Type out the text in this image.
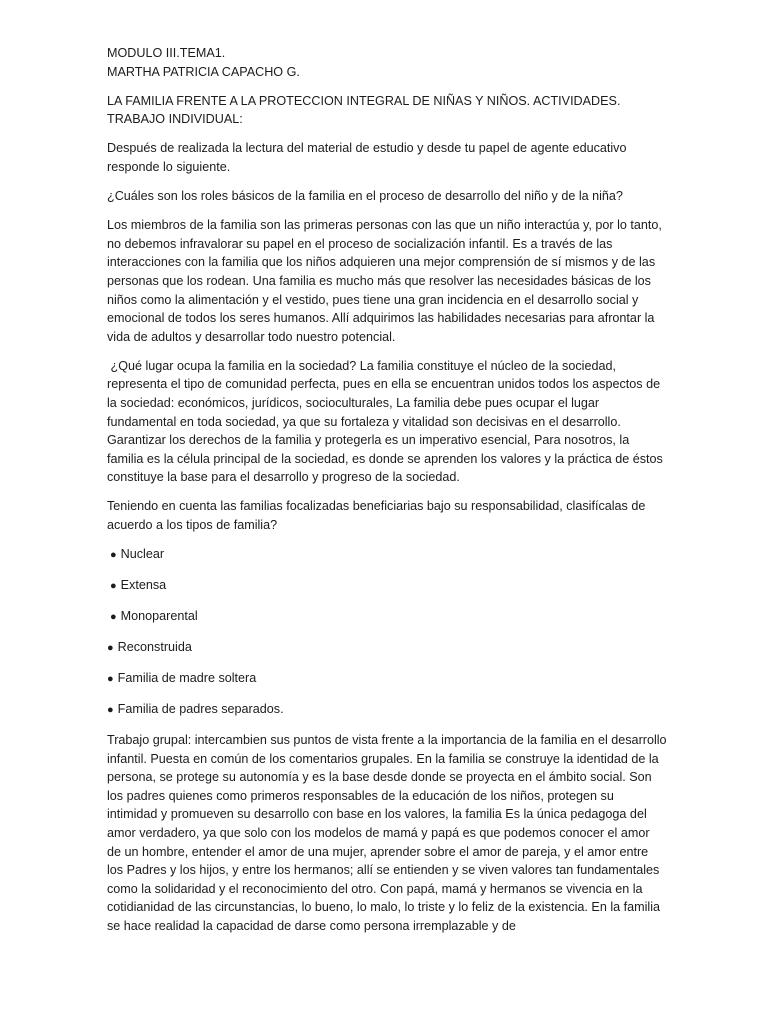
MODULO III.TEMA1.
MARTHA PATRICIA CAPACHO G.

LA FAMILIA FRENTE A LA PROTECCION INTEGRAL DE NIÑAS Y NIÑOS. ACTIVIDADES. TRABAJO INDIVIDUAL:

Después de realizada la lectura del material de estudio y desde tu papel de agente educativo responde lo siguiente.

¿Cuáles son los roles básicos de la familia en el proceso de desarrollo del niño y de la niña?

Los miembros de la familia son las primeras personas con las que un niño interactúa y, por lo tanto, no debemos infravalorar su papel en el proceso de socialización infantil. Es a través de las interacciones con la familia que los niños adquieren una mejor comprensión de sí mismos y de las personas que los rodean. Una familia es mucho más que resolver las necesidades básicas de los niños como la alimentación y el vestido, pues tiene una gran incidencia en el desarrollo social y emocional de todos los seres humanos. Allí adquirimos las habilidades necesarias para afrontar la vida de adultos y desarrollar todo nuestro potencial.

¿Qué lugar ocupa la familia en la sociedad? La familia constituye el núcleo de la sociedad, representa el tipo de comunidad perfecta, pues en ella se encuentran unidos todos los aspectos de la sociedad: económicos, jurídicos, socioculturales, La familia debe pues ocupar el lugar fundamental en toda sociedad, ya que su fortaleza y vitalidad son decisivas en el desarrollo. Garantizar los derechos de la familia y protegerla es un imperativo esencial, Para nosotros, la familia es la célula principal de la sociedad, es donde se aprenden los valores y la práctica de éstos constituye la base para el desarrollo y progreso de la sociedad.

Teniendo en cuenta las familias focalizadas beneficiarias bajo su responsabilidad, clasifícalas de acuerdo a los tipos de familia?

● Nuclear
● Extensa
● Monoparental
● Reconstruida
● Familia de madre soltera
● Familia de padres separados.

Trabajo grupal: intercambien sus puntos de vista frente a la importancia de la familia en el desarrollo infantil. Puesta en común de los comentarios grupales. En la familia se construye la identidad de la persona, se protege su autonomía y es la base desde donde se proyecta en el ámbito social. Son los padres quienes como primeros responsables de la educación de los niños, protegen su intimidad y promueven su desarrollo con base en los valores, la familia Es la única pedagoga del amor verdadero, ya que solo con los modelos de mamá y papá es que podemos conocer el amor de un hombre, entender el amor de una mujer, aprender sobre el amor de pareja, y el amor entre los Padres y los hijos, y entre los hermanos; allí se entienden y se viven valores tan fundamentales como la solidaridad y el reconocimiento del otro. Con papá, mamá y hermanos se vivencia en la cotidianidad de las circunstancias, lo bueno, lo malo, lo triste y lo feliz de la existencia. En la familia se hace realidad la capacidad de darse como persona irremplazable y de
